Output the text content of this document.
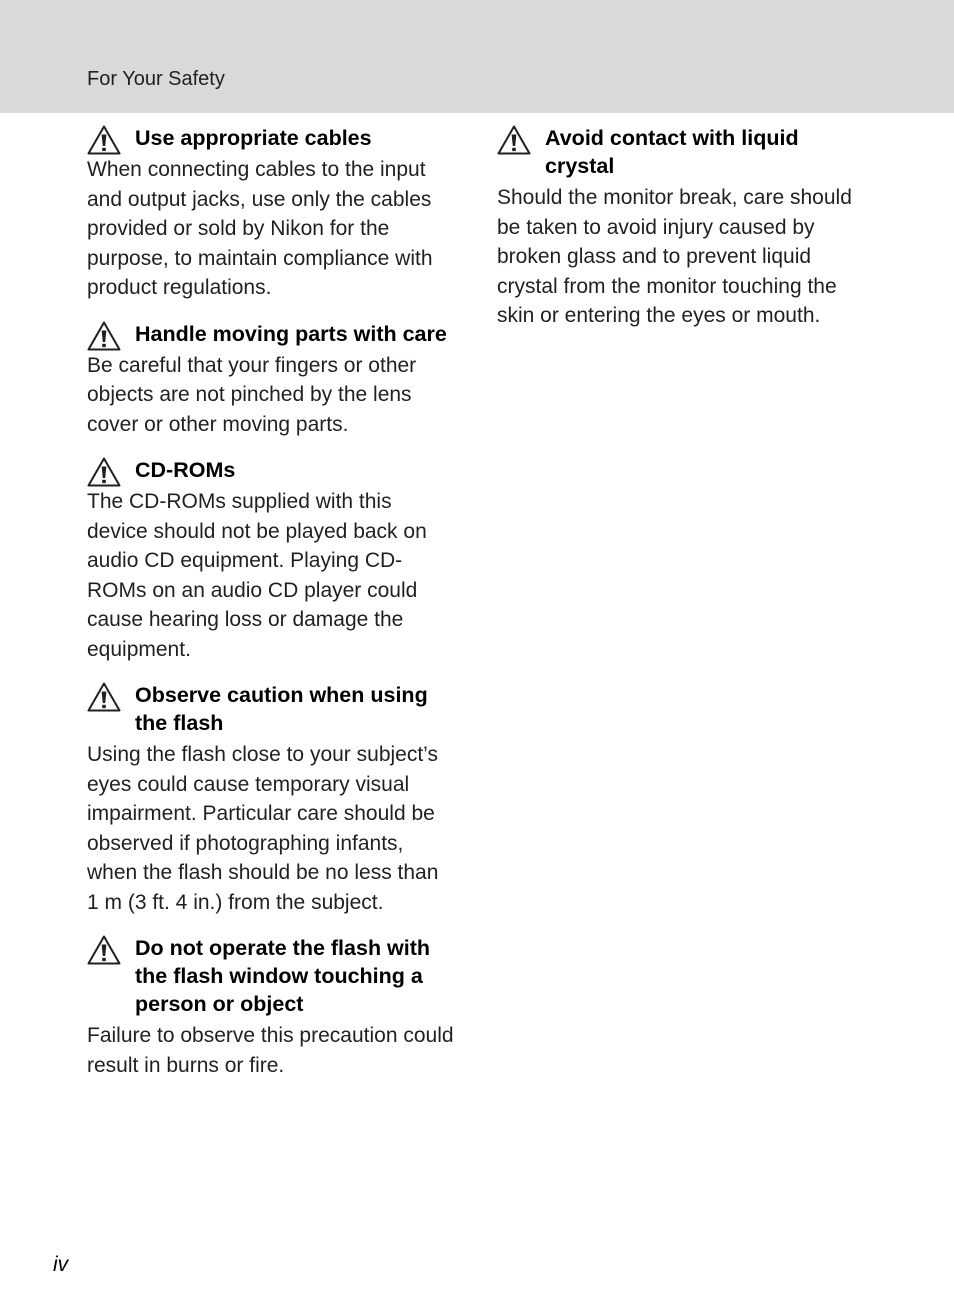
For Your Safety
Use appropriate cables
When connecting cables to the input and output jacks, use only the cables provided or sold by Nikon for the purpose, to maintain compliance with product regulations.
Handle moving parts with care
Be careful that your fingers or other objects are not pinched by the lens cover or other moving parts.
CD-ROMs
The CD-ROMs supplied with this device should not be played back on audio CD equipment. Playing CD-ROMs on an audio CD player could cause hearing loss or damage the equipment.
Observe caution when using the flash
Using the flash close to your subject’s eyes could cause temporary visual impairment. Particular care should be observed if photographing infants, when the flash should be no less than 1 m (3 ft. 4 in.) from the subject.
Do not operate the flash with the flash window touching a person or object
Failure to observe this precaution could result in burns or fire.
Avoid contact with liquid crystal
Should the monitor break, care should be taken to avoid injury caused by broken glass and to prevent liquid crystal from the monitor touching the skin or entering the eyes or mouth.
iv
